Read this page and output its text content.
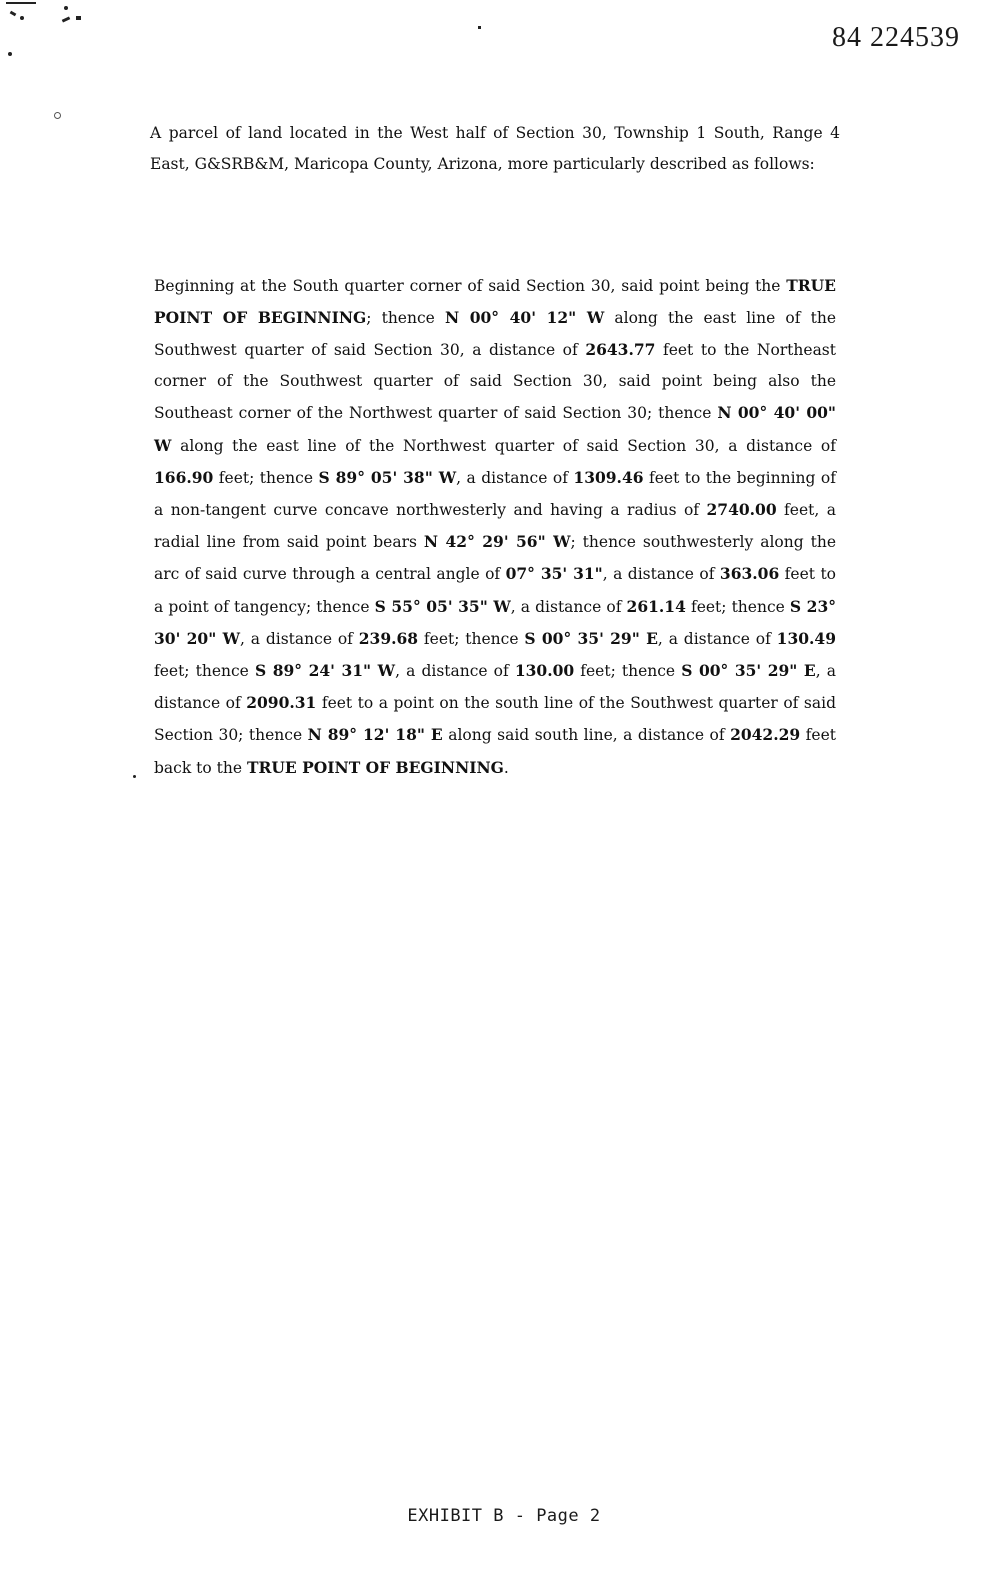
84 224539

A parcel of land located in the West half of Section 30, Township 1 South, Range 4 East, G&SRB&M, Maricopa County, Arizona, more particularly described as follows:

Beginning at the South quarter corner of said Section 30, said point being the TRUE POINT OF BEGINNING; thence N 00° 40' 12" W along the east line of the Southwest quarter of said Section 30, a distance of 2643.77 feet to the Northeast corner of the Southwest quarter of said Section 30, said point being also the Southeast corner of the Northwest quarter of said Section 30; thence N 00° 40' 00" W along the east line of the Northwest quarter of said Section 30, a distance of 166.90 feet; thence S 89° 05' 38" W, a distance of 1309.46 feet to the beginning of a non-tangent curve concave northwesterly and having a radius of 2740.00 feet, a radial line from said point bears N 42° 29' 56" W; thence southwesterly along the arc of said curve through a central angle of 07° 35' 31", a distance of 363.06 feet to a point of tangency; thence S 55° 05' 35" W, a distance of 261.14 feet; thence S 23° 30' 20" W, a distance of 239.68 feet; thence S 00° 35' 29" E, a distance of 130.49 feet; thence S 89° 24' 31" W, a distance of 130.00 feet; thence S 00° 35' 29" E, a distance of 2090.31 feet to a point on the south line of the Southwest quarter of said Section 30; thence N 89° 12' 18" E along said south line, a distance of 2042.29 feet back to the TRUE POINT OF BEGINNING.

EXHIBIT B - Page 2
